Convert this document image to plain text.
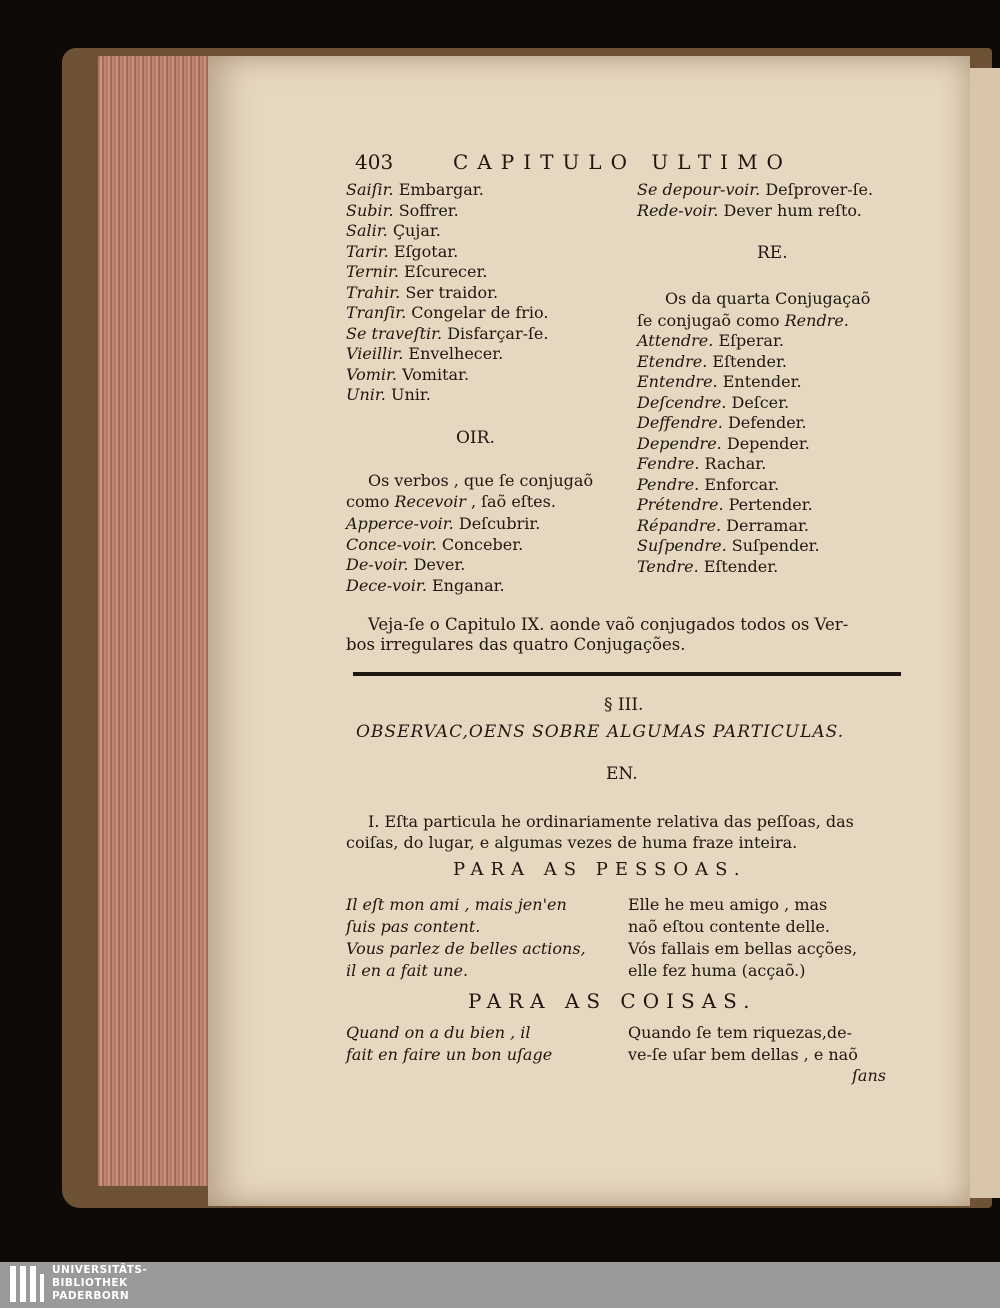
403	CAPITULO ULTIMO
Saiſir. Embargar.
Subir. Soffrer.
Salir. Çujar.
Tarir. Eſgotar.
Ternir. Eſcurecer.
Trahir. Ser traidor.
Tranſir. Congelar de frio.
Se traveſtir. Disfarçar-ſe.
Vieillir. Envelhecer.
Vomir. Vomitar.
Unir. Unir.
OIR.
Os verbos , que ſe conjugaõ
como Recevoir , ſaõ eſtes.
Apperce-voir. Deſcubrir.
Conce-voir. Conceber.
De-voir. Dever.
Dece-voir. Enganar.
Se depour-voir. Deſprover-ſe.
Rede-voir. Dever hum reſto.
RE.
Os da quarta Conjugaçaõ
ſe conjugaõ como Rendre.
Attendre. Eſperar.
Etendre. Eſtender.
Entendre. Entender.
Deſcendre. Deſcer.
Deffendre. Defender.
Dependre. Depender.
Fendre. Rachar.
Pendre. Enforcar.
Prétendre. Pertender.
Répandre. Derramar.
Suſpendre. Suſpender.
Tendre. Eſtender.
Veja-ſe o Capitulo IX. aonde vaõ conjugados todos os Ver-
bos irregulares das quatro Conjugações.
§ III.
OBSERVAC,OENS SOBRE ALGUMAS PARTICULAS.
EN.
I. Eſta particula he ordinariamente relativa das peſſoas, das
coiſas, do lugar, e algumas vezes de huma fraze inteira.
PARA AS PESSOAS.
Il eſt mon ami , mais jen'en
ſuis pas content.
Vous parlez de belles actions,
il en a fait une.
Elle he meu amigo , mas
naõ eſtou contente delle.
Vós fallais em bellas acções,
elle fez huma (acçaõ.)
PARA AS COISAS.
Quand on a du bien , il
fait en faire un bon uſage
Quando ſe tem riquezas,de-
ve-ſe uſar bem dellas , e naõ
ſans
UNIVERSITÄTS-
BIBLIOTHEK
PADERBORN
